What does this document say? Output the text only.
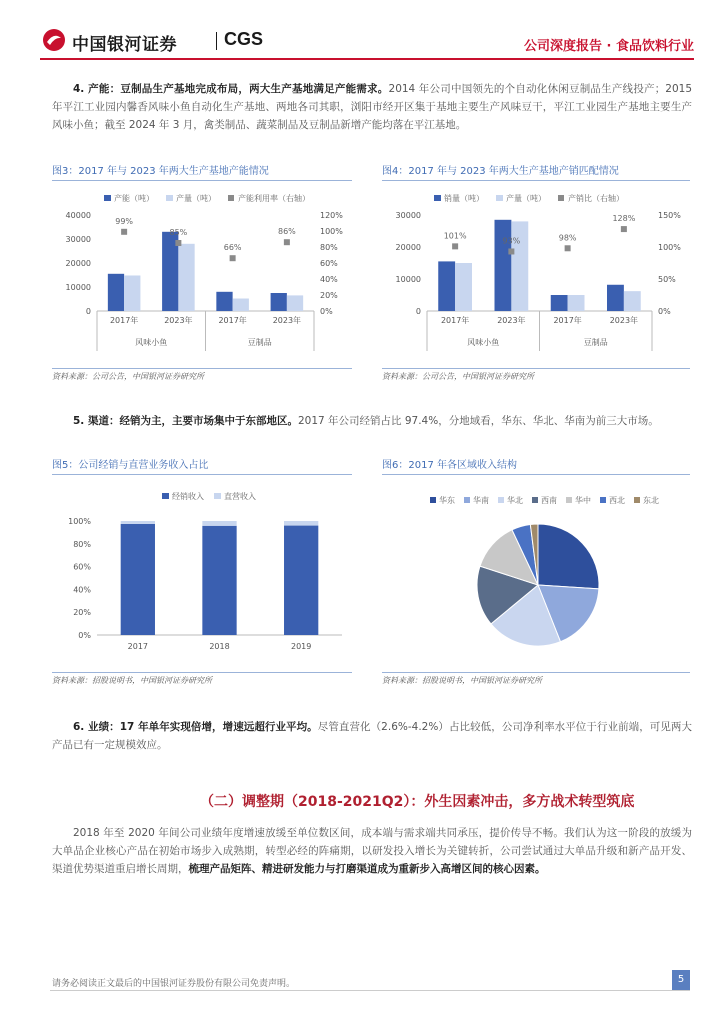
中国银河证券	CGS	公司深度报告 · 食品饮料行业
4. 产能：豆制品生产基地完成布局，两大生产基地满足产能需求。2014 年公司中国领先的个自动化休闲豆制品生产线投产；2015 年平江工业园内馨香风味小鱼自动化生产基地、两地各司其职，浏阳市经开区集于基地主要生产风味豆干，平江工业园生产基地主要生产风味小鱼；截至 2024 年 3 月，禽类制品、蔬菜制品及豆制品新增产能均落在平江基地。
图3：2017 年与 2023 年两大生产基地产能情况
产能（吨）	产量（吨）	产能利用率（右轴）
40000
30000
20000
10000
0
120%
100%
80%
60%
40%
20%
0%
99%
2017年
85%
2023年
66%
2017年
86%
2023年
风味小鱼	豆制品
资料来源：公司公告，中国银河证券研究所
图4：2017 年与 2023 年两大生产基地产销匹配情况
销量（吨）	产量（吨）	产销比（右轴）
30000
20000
10000
0
150%
100%
50%
0%
101%
2017年
93%
2023年
98%
2017年
128%
2023年
风味小鱼	豆制品
资料来源：公司公告，中国银河证券研究所
5. 渠道：经销为主，主要市场集中于东部地区。2017 年公司经销占比 97.4%，分地域看，华东、华北、华南为前三大市场。
图5：公司经销与直营业务收入占比
经销收入	直营收入
100%
80%
60%
40%
20%
0%
2017	2018	2019
资料来源：招股说明书，中国银河证券研究所
图6：2017 年各区域收入结构
华东 华南 华北 西南 华中 西北 东北
资料来源：招股说明书，中国银河证券研究所
6. 业绩：17 年单年实现倍增，增速远超行业平均。尽管直营化（2.6%-4.2%）占比较低，公司净利率水平位于行业前端，可见两大产品已有一定规模效应。
（二）调整期（2018-2021Q2）：外生因素冲击，多方战术转型筑底
2018 年至 2020 年间公司业绩年度增速放缓至单位数区间，成本端与需求端共同承压，提价传导不畅。我们认为这一阶段的放缓为大单品企业核心产品在初始市场步入成熟期，转型必经的阵痛期，以研发投入增长为关键转折，公司尝试通过大单品升级和新产品开发、渠道优势渠道重启增长周期，梳理产品矩阵、精进研发能力与打磨渠道成为重新步入高增区间的核心因素。
请务必阅读正文最后的中国银河证券股份有限公司免责声明。	5
